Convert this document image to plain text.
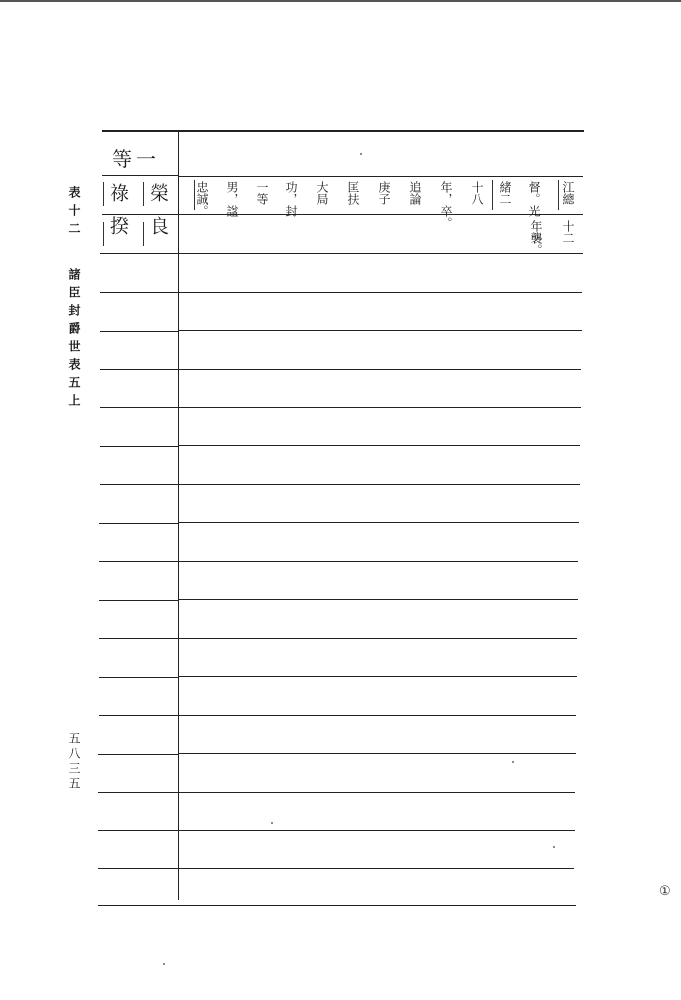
表十二
諸臣封爵世表五上
五八三五
一等
榮良
祿揆	江總
督。光
緒二
十八
年，卒。
追論
庚子
匡扶
大局
功，封
一等
男，諡
忠誠。
十二
年襲。
①
